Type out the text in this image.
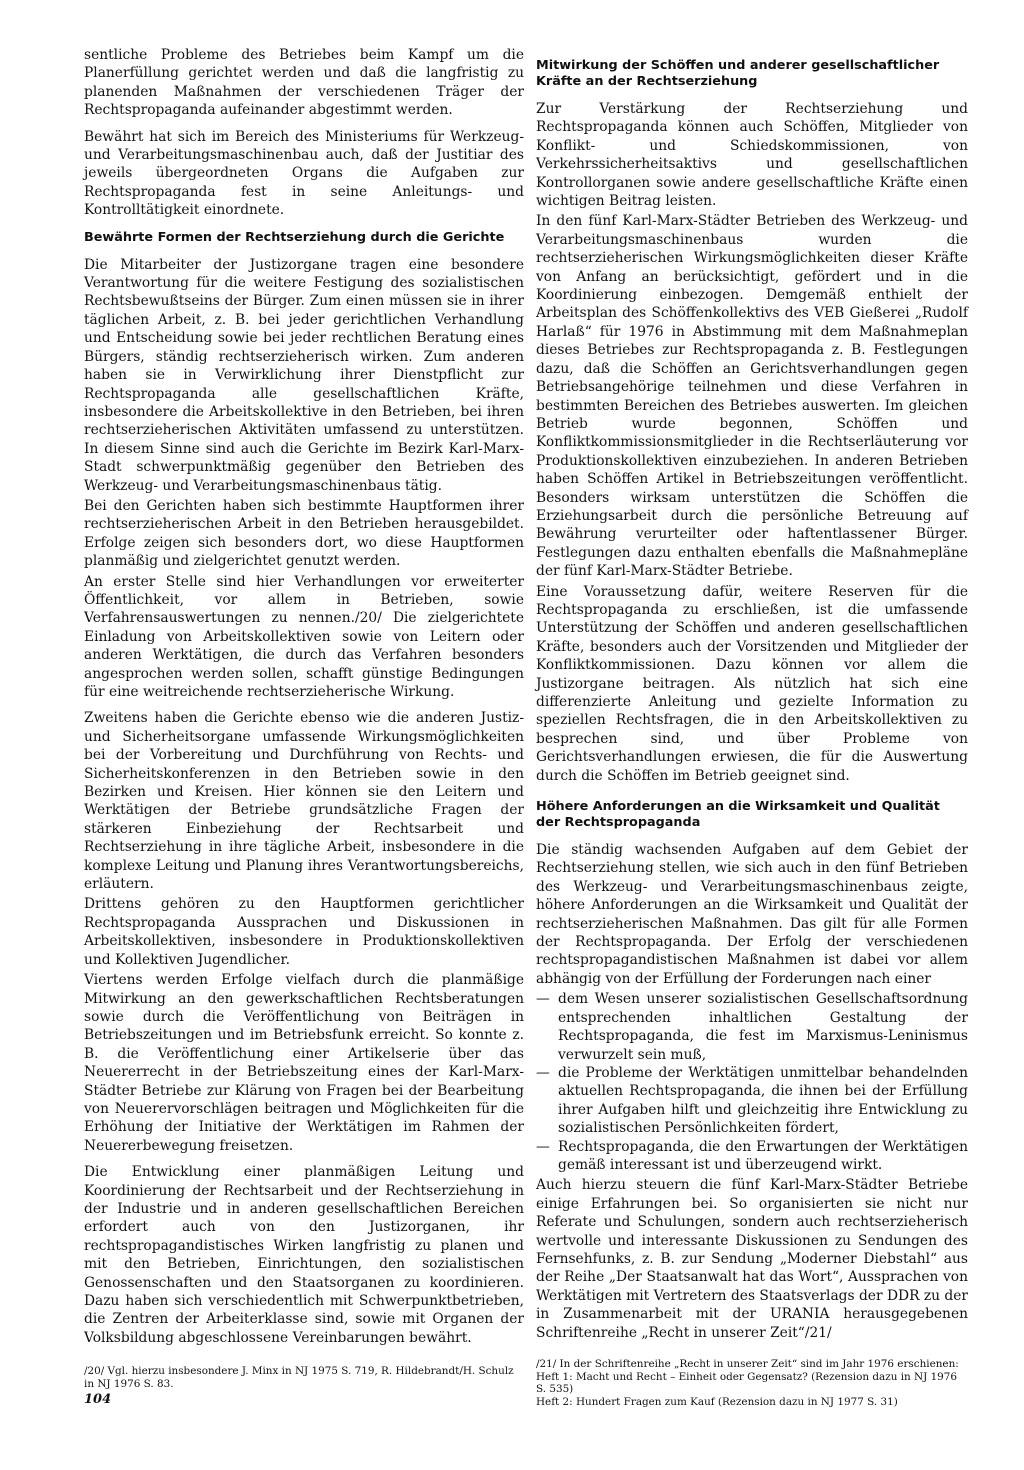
sentliche Probleme des Betriebes beim Kampf um die Planerfüllung gerichtet werden und daß die langfristig zu planenden Maßnahmen der verschiedenen Träger der Rechtspropaganda aufeinander abgestimmt werden.

Bewährt hat sich im Bereich des Ministeriums für Werkzeug- und Verarbeitungsmaschinenbau auch, daß der Justitiar des jeweils übergeordneten Organs die Aufgaben zur Rechtspropaganda fest in seine Anleitungs- und Kontrolltätigkeit einordnete.

Bewährte Formen der Rechtserziehung durch die Gerichte

Die Mitarbeiter der Justizorgane tragen eine besondere Verantwortung für die weitere Festigung des sozialistischen Rechtsbewußtseins der Bürger. Zum einen müssen sie in ihrer täglichen Arbeit, z. B. bei jeder gerichtlichen Verhandlung und Entscheidung sowie bei jeder rechtlichen Beratung eines Bürgers, ständig rechtserzieherisch wirken. Zum anderen haben sie in Verwirklichung ihrer Dienstpflicht zur Rechtspropaganda alle gesellschaftlichen Kräfte, insbesondere die Arbeitskollektive in den Betrieben, bei ihren rechtserzieherischen Aktivitäten umfassend zu unterstützen. In diesem Sinne sind auch die Gerichte im Bezirk Karl-Marx-Stadt schwerpunktmäßig gegenüber den Betrieben des Werkzeug- und Verarbeitungsmaschinenbaus tätig.

Bei den Gerichten haben sich bestimmte Hauptformen ihrer rechtserzieherischen Arbeit in den Betrieben herausgebildet. Erfolge zeigen sich besonders dort, wo diese Hauptformen planmäßig und zielgerichtet genutzt werden.

An erster Stelle sind hier Verhandlungen vor erweiterter Öffentlichkeit, vor allem in Betrieben, sowie Verfahrensauswertungen zu nennen./20/ Die zielgerichtete Einladung von Arbeitskollektiven sowie von Leitern oder anderen Werktätigen, die durch das Verfahren besonders angesprochen werden sollen, schafft günstige Bedingungen für eine weitreichende rechtserzieherische Wirkung.

Zweitens haben die Gerichte ebenso wie die anderen Justiz- und Sicherheitsorgane umfassende Wirkungsmöglichkeiten bei der Vorbereitung und Durchführung von Rechts- und Sicherheitskonferenzen in den Betrieben sowie in den Bezirken und Kreisen. Hier können sie den Leitern und Werktätigen der Betriebe grundsätzliche Fragen der stärkeren Einbeziehung der Rechtsarbeit und Rechtserziehung in ihre tägliche Arbeit, insbesondere in die komplexe Leitung und Planung ihres Verantwortungsbereichs, erläutern.

Drittens gehören zu den Hauptformen gerichtlicher Rechtspropaganda Aussprachen und Diskussionen in Arbeitskollektiven, insbesondere in Produktionskollektiven und Kollektiven Jugendlicher.

Viertens werden Erfolge vielfach durch die planmäßige Mitwirkung an den gewerkschaftlichen Rechtsberatungen sowie durch die Veröffentlichung von Beiträgen in Betriebszeitungen und im Betriebsfunk erreicht. So konnte z. B. die Veröffentlichung einer Artikelserie über das Neuererrecht in der Betriebszeitung eines der Karl-Marx-Städter Betriebe zur Klärung von Fragen bei der Bearbeitung von Neuerervorschlägen beitragen und Möglichkeiten für die Erhöhung der Initiative der Werktätigen im Rahmen der Neuererbewegung freisetzen.

Die Entwicklung einer planmäßigen Leitung und Koordinierung der Rechtsarbeit und der Rechtserziehung in der Industrie und in anderen gesellschaftlichen Bereichen erfordert auch von den Justizorganen, ihr rechtspropagandistisches Wirken langfristig zu planen und mit den Betrieben, Einrichtungen, den sozialistischen Genossenschaften und den Staatsorganen zu koordinieren. Dazu haben sich verschiedentlich mit Schwerpunktbetrieben, die Zentren der Arbeiterklasse sind, sowie mit Organen der Volksbildung abgeschlossene Vereinbarungen bewährt.

/20/ Vgl. hierzu insbesondere J. Minx in NJ 1975 S. 719, R. Hildebrandt/H. Schulz in NJ 1976 S. 83.

Mitwirkung der Schöffen und anderer gesellschaftlicher Kräfte an der Rechtserziehung

Zur Verstärkung der Rechtserziehung und Rechtspropaganda können auch Schöffen, Mitglieder von Konflikt- und Schiedskommissionen, von Verkehrssicherheitsaktivs und gesellschaftlichen Kontrollorganen sowie andere gesellschaftliche Kräfte einen wichtigen Beitrag leisten.

In den fünf Karl-Marx-Städter Betrieben des Werkzeug- und Verarbeitungsmaschinenbaus wurden die rechtserzieherischen Wirkungsmöglichkeiten dieser Kräfte von Anfang an berücksichtigt, gefördert und in die Koordinierung einbezogen. Demgemäß enthielt der Arbeitsplan des Schöffenkollektivs des VEB Gießerei „Rudolf Harlaß“ für 1976 in Abstimmung mit dem Maßnahmeplan dieses Betriebes zur Rechtspropaganda z. B. Festlegungen dazu, daß die Schöffen an Gerichtsverhandlungen gegen Betriebsangehörige teilnehmen und diese Verfahren in bestimmten Bereichen des Betriebes auswerten. Im gleichen Betrieb wurde begonnen, Schöffen und Konfliktkommissionsmitglieder in die Rechtserläuterung vor Produktionskollektiven einzubeziehen. In anderen Betrieben haben Schöffen Artikel in Betriebszeitungen veröffentlicht. Besonders wirksam unterstützen die Schöffen die Erziehungsarbeit durch die persönliche Betreuung auf Bewährung verurteilter oder haftentlassener Bürger. Festlegungen dazu enthalten ebenfalls die Maßnahmepläne der fünf Karl-Marx-Städter Betriebe.

Eine Voraussetzung dafür, weitere Reserven für die Rechtspropaganda zu erschließen, ist die umfassende Unterstützung der Schöffen und anderen gesellschaftlichen Kräfte, besonders auch der Vorsitzenden und Mitglieder der Konfliktkommissionen. Dazu können vor allem die Justizorgane beitragen. Als nützlich hat sich eine differenzierte Anleitung und gezielte Information zu speziellen Rechtsfragen, die in den Arbeitskollektiven zu besprechen sind, und über Probleme von Gerichtsverhandlungen erwiesen, die für die Auswertung durch die Schöffen im Betrieb geeignet sind.

Höhere Anforderungen an die Wirksamkeit und Qualität der Rechtspropaganda

Die ständig wachsenden Aufgaben auf dem Gebiet der Rechtserziehung stellen, wie sich auch in den fünf Betrieben des Werkzeug- und Verarbeitungsmaschinenbaus zeigte, höhere Anforderungen an die Wirksamkeit und Qualität der rechtserzieherischen Maßnahmen. Das gilt für alle Formen der Rechtspropaganda. Der Erfolg der verschiedenen rechtspropagandistischen Maßnahmen ist dabei vor allem abhängig von der Erfüllung der Forderungen nach einer

— dem Wesen unserer sozialistischen Gesellschaftsordnung entsprechenden inhaltlichen Gestaltung der Rechtspropaganda, die fest im Marxismus-Leninismus verwurzelt sein muß,
— die Probleme der Werktätigen unmittelbar behandelnden aktuellen Rechtspropaganda, die ihnen bei der Erfüllung ihrer Aufgaben hilft und gleichzeitig ihre Entwicklung zu sozialistischen Persönlichkeiten fördert,
— Rechtspropaganda, die den Erwartungen der Werktätigen gemäß interessant ist und überzeugend wirkt.

Auch hierzu steuern die fünf Karl-Marx-Städter Betriebe einige Erfahrungen bei. So organisierten sie nicht nur Referate und Schulungen, sondern auch rechtserzieherisch wertvolle und interessante Diskussionen zu Sendungen des Fernsehfunks, z. B. zur Sendung „Moderner Diebstahl“ aus der Reihe „Der Staatsanwalt hat das Wort“, Aussprachen von Werktätigen mit Vertretern des Staatsverlags der DDR zu der in Zusammenarbeit mit der URANIA herausgegebenen Schriftenreihe „Recht in unserer Zeit“/21/

/21/ In der Schriftenreihe „Recht in unserer Zeit“ sind im Jahr 1976 erschienen:

Heft 1: Macht und Recht – Einheit oder Gegensatz? (Rezension dazu in NJ 1976 S. 535)

Heft 2: Hundert Fragen zum Kauf (Rezension dazu in NJ 1977 S. 31)

104
